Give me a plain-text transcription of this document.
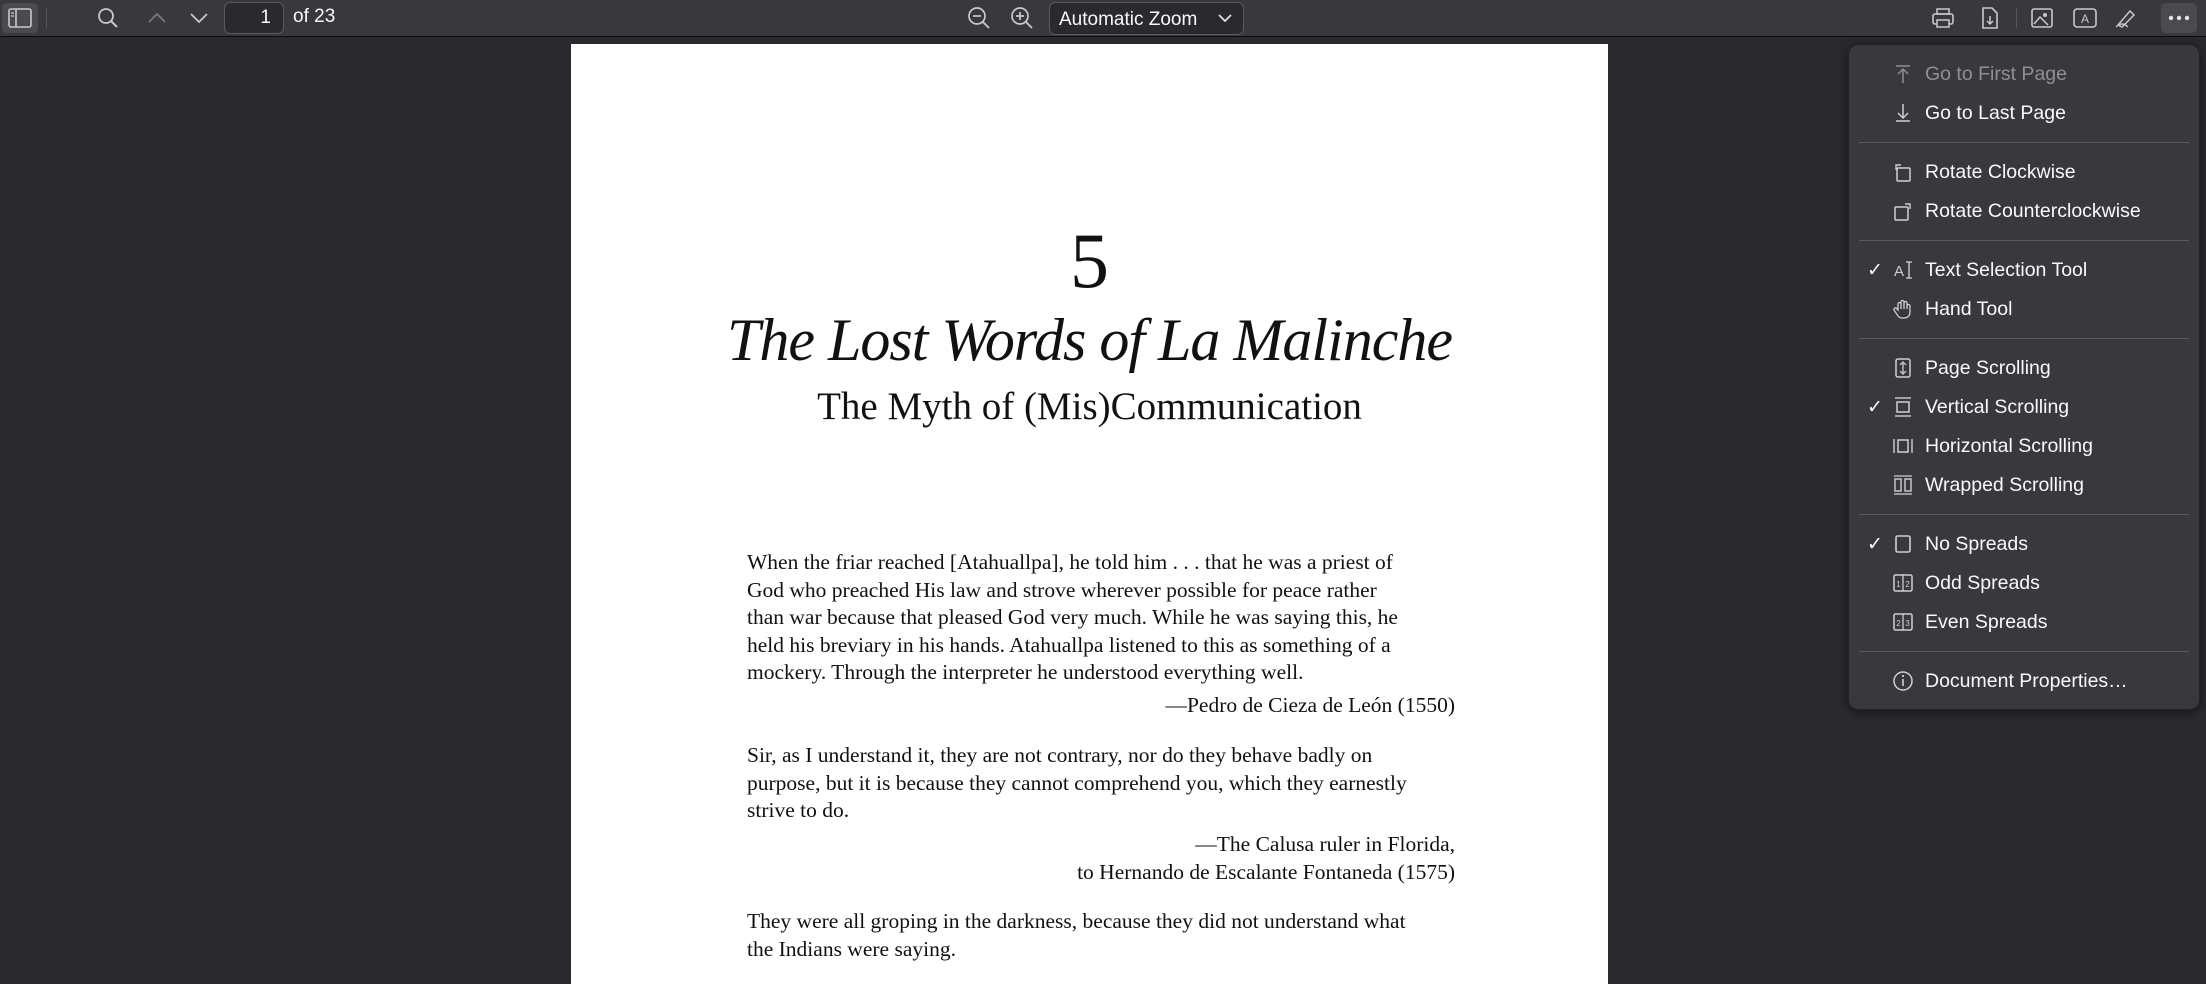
1
of 23	Automatic Zoom	A
5
The Lost Words of La Malinche
The Myth of (Mis)Communication
When the friar reached [Atahuallpa], he told him . . . that he was a priest of
God who preached His law and strove wherever possible for peace rather
than war because that pleased God very much. While he was saying this, he
held his breviary in his hands. Atahuallpa listened to this as something of a
mockery. Through the interpreter he understood everything well.
—Pedro de Cieza de León (1550)
Sir, as I understand it, they are not contrary, nor do they behave badly on
purpose, but it is because they cannot comprehend you, which they earnestly
strive to do.
—The Calusa ruler in Florida,
to Hernando de Escalante Fontaneda (1575)
They were all groping in the darkness, because they did not understand what
the Indians were saying.
Go to First Page
Go to Last Page
Rotate Clockwise
Rotate Counterclockwise
✓ A Text Selection Tool
Hand Tool
Page Scrolling
✓ Vertical Scrolling
Horizontal Scrolling
Wrapped Scrolling
✓ No Spreads
1 2 Odd Spreads
2 3 Even Spreads
Document Properties…
